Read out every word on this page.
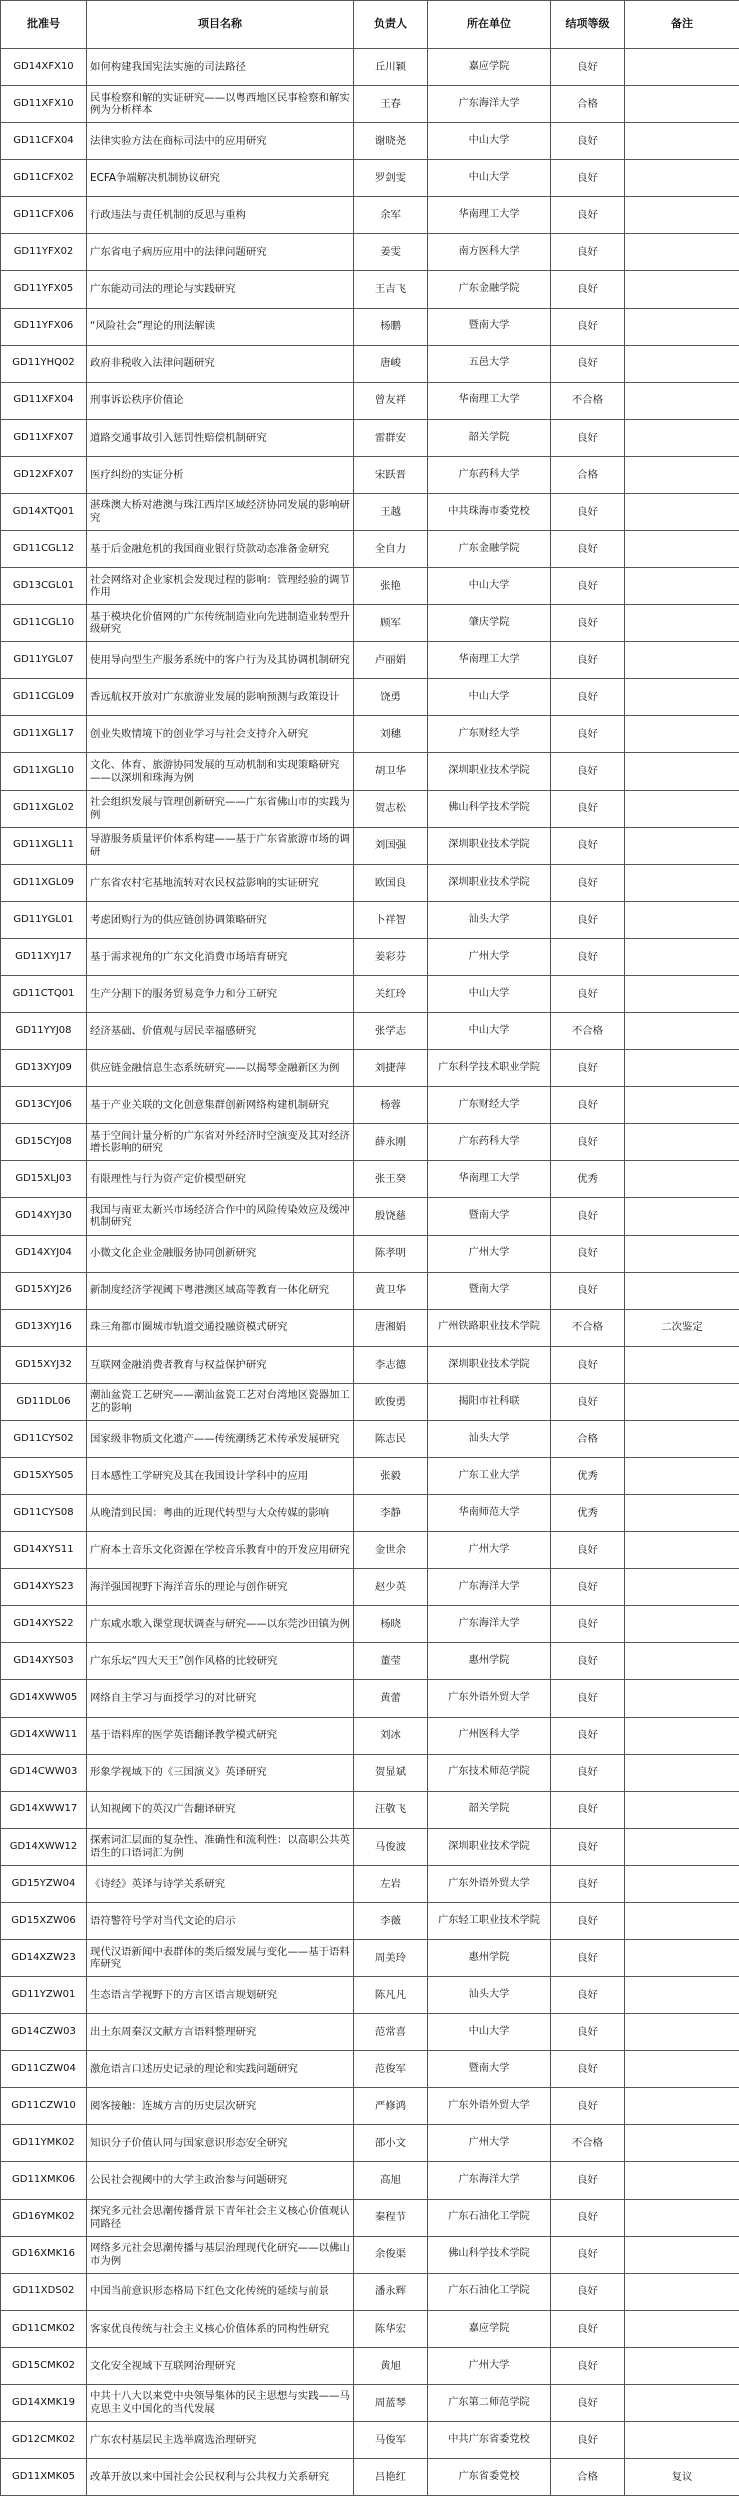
批准号	项目名称	负责人	所在单位	结项等级	备注
GD14XFX10	如何构建我国宪法实施的司法路径	丘川颖	嘉应学院	良好	
GD11XFX10	民事检察和解的实证研究——以粤西地区民事检察和解实例为分析样本	王春	广东海洋大学	合格	
GD11CFX04	法律实验方法在商标司法中的应用研究	谢晓尧	中山大学	良好	
GD11CFX02	ECFA争端解决机制协议研究	罗剑雯	中山大学	良好	
GD11CFX06	行政违法与责任机制的反思与重构	余军	华南理工大学	良好	
GD11YFX02	广东省电子病历应用中的法律问题研究	姜雯	南方医科大学	良好	
GD11YFX05	广东能动司法的理论与实践研究	王吉飞	广东金融学院	良好	
GD11YFX06	“风险社会”理论的刑法解读	杨鹏	暨南大学	良好	
GD11YHQ02	政府非税收入法律问题研究	唐峻	五邑大学	良好	
GD11XFX04	刑事诉讼秩序价值论	曾友祥	华南理工大学	不合格	
GD11XFX07	道路交通事故引入惩罚性赔偿机制研究	雷群安	韶关学院	良好	
GD12XFX07	医疗纠纷的实证分析	宋跃晋	广东药科大学	合格	
GD14XTQ01	湛珠澳大桥对港澳与珠江西岸区域经济协同发展的影响研究	王越	中共珠海市委党校	良好	
GD11CGL12	基于后金融危机的我国商业银行贷款动态准备金研究	全自力	广东金融学院	良好	
GD13CGL01	社会网络对企业家机会发现过程的影响：管理经验的调节作用	张艳	中山大学	良好	
GD11CGL10	基于模块化价值网的广东传统制造业向先进制造业转型升级研究	顾军	肇庆学院	良好	
GD11YGL07	使用导向型生产服务系统中的客户行为及其协调机制研究	卢丽娟	华南理工大学	良好	
GD11CGL09	香远航权开放对广东旅游业发展的影响预测与政策设计	饶勇	中山大学	良好	
GD11XGL17	创业失败情境下的创业学习与社会支持介入研究	刘穗	广东财经大学	良好	
GD11XGL10	文化、体育、旅游协同发展的互动机制和实现策略研究——以深圳和珠海为例	胡卫华	深圳职业技术学院	良好	
GD11XGL02	社会组织发展与管理创新研究——广东省佛山市的实践为例	贺志松	佛山科学技术学院	良好	
GD11XGL11	导游服务质量评价体系构建——基于广东省旅游市场的调研	刘国强	深圳职业技术学院	良好	
GD11XGL09	广东省农村宅基地流转对农民权益影响的实证研究	欧国良	深圳职业技术学院	良好	
GD11YGL01	考虑团购行为的供应链创协调策略研究	卜祥智	汕头大学	良好	
GD11XYJ17	基于需求视角的广东文化消费市场培育研究	姜彩芬	广州大学	良好	
GD11CTQ01	生产分割下的服务贸易竞争力和分工研究	关红玲	中山大学	良好	
GD11YYJ08	经济基础、价值观与居民幸福感研究	张学志	中山大学	不合格	
GD13XYJ09	供应链金融信息生态系统研究——以揭琴金融新区为例	刘捷萍	广东科学技术职业学院	良好	
GD13CYJ06	基于产业关联的文化创意集群创新网络构建机制研究	杨蓉	广东财经大学	良好	
GD15CYJ08	基于空间计量分析的广东省对外经济时空演变及其对经济增长影响的研究	薛永刚	广东药科大学	良好	
GD15XLJ03	有限理性与行为资产定价模型研究	张王癸	华南理工大学	优秀	
GD14XYJ30	我国与南亚太新兴市场经济合作中的风险传染效应及缓冲机制研究	殷饶慈	暨南大学	良好	
GD14XYJ04	小微文化企业金融服务协同创新研究	陈孝明	广州大学	良好	
GD15XYJ26	新制度经济学视阈下粤港澳区域高等教育一体化研究	黄卫华	暨南大学	良好	
GD13XYJ16	珠三角都市圈城市轨道交通投融资模式研究	唐湘娟	广州铁路职业技术学院	不合格	二次鉴定
GD15XYJ32	互联网金融消费者教育与权益保护研究	李志德	深圳职业技术学院	良好	
GD11DL06	潮汕盆瓷工艺研究——潮汕盆瓷工艺对台湾地区瓷器加工艺的影响	欧俊勇	揭阳市社科联	良好	
GD11CYS02	国家级非物质文化遗产——传统潮绣艺术传承发展研究	陈志民	汕头大学	合格	
GD15XYS05	日本感性工学研究及其在我国设计学科中的应用	张毅	广东工业大学	优秀	
GD11CYS08	从晚清到民国：粤曲的近现代转型与大众传媒的影响	李静	华南师范大学	优秀	
GD14XYS11	广府本土音乐文化资源在学校音乐教育中的开发应用研究	金世余	广州大学	良好	
GD14XYS23	海洋强国视野下海洋音乐的理论与创作研究	赵少英	广东海洋大学	良好	
GD14XYS22	广东咸水歌入课堂现状调查与研究——以东莞沙田镇为例	杨晓	广东海洋大学	良好	
GD14XYS03	广东乐坛“四大天王”创作风格的比较研究	董莹	惠州学院	良好	
GD14XWW05	网络自主学习与面授学习的对比研究	黄蕾	广东外语外贸大学	良好	
GD14XWW11	基于语料库的医学英语翻译教学模式研究	刘冰	广州医科大学	良好	
GD14CWW03	形象学视域下的《三国演义》英译研究	贺显斌	广东技术师范学院	良好	
GD14XWW17	认知视阈下的英汉广告翻译研究	汪敬飞	韶关学院	良好	
GD14XWW12	探索词汇层面的复杂性、准确性和流利性：以高职公共英语生的口语词汇为例	马俊波	深圳职业技术学院	良好	
GD15YZW04	《诗经》英译与诗学关系研究	左岩	广东外语外贸大学	良好	
GD15XZW06	语符警符号学对当代文论的启示	李薇	广东轻工职业技术学院	良好	
GD14XZW23	现代汉语新闻中表群体的类后缀发展与变化——基于语料库研究	周美玲	惠州学院	良好	
GD11YZW01	生态语言学视野下的方言区语言规划研究	陈凡凡	汕头大学	良好	
GD14CZW03	出土东周秦汉文献方言语料整理研究	范常喜	中山大学	良好	
GD11CZW04	激危语言口述历史记录的理论和实践问题研究	范俊军	暨南大学	良好	
GD11CZW10	阅客接触：连城方言的历史层次研究	严修鸿	广东外语外贸大学	良好	
GD11YMK02	知识分子价值认同与国家意识形态安全研究	邵小文	广州大学	不合格	
GD11XMK06	公民社会视阈中的大学主政治参与问题研究	高旭	广东海洋大学	良好	
GD16YMK02	探究多元社会思潮传播背景下青年社会主义核心价值观认同路径	秦程节	广东石油化工学院	良好	
GD16XMK16	网络多元社会思潮传播与基层治理现代化研究——以佛山市为例	余俊渠	佛山科学技术学院	良好	
GD11XDS02	中国当前意识形态格局下红色文化传统的延续与前景	潘永辉	广东石油化工学院	良好	
GD11CMK02	客家优良传统与社会主义核心价值体系的同构性研究	陈华宏	嘉应学院	良好	
GD15CMK02	文化安全视域下互联网治理研究	黄旭	广州大学	良好	
GD14XMK19	中共十八大以来党中央领导集体的民主思想与实践——马克思主义中国化的当代发展	周蓝琴	广东第二师范学院	良好	
GD12CMK02	广东农村基层民主选举腐选治理研究	马俊军	中共广东省委党校	良好	
GD11XMK05	改革开放以来中国社会公民权利与公共权力关系研究	吕艳红	广东省委党校	合格	复议
